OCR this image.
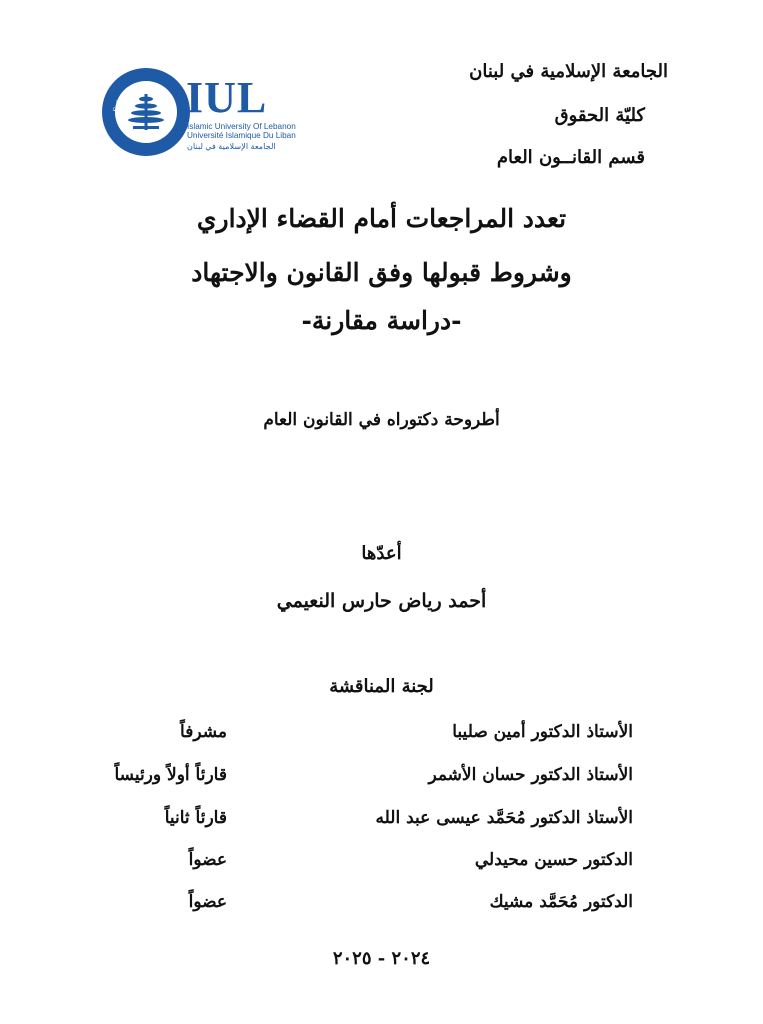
الجامعة الإسلامية في لبنان
كليّة الحقوق
قسم القانــون العام
Scientia Virtus
Patria
IUL
Islamic University Of Lebanon
Université Islamique Du Liban
الجامعة الإسلامية في لبنان
تعدد المراجعات أمام القضاء الإداري
وشروط قبولها وفق القانون والاجتهاد
-دراسة مقارنة-
أطروحة دكتوراه في القانون العام
أعدّها
أحمد رياض حارس النعيمي
لجنة المناقشة
الأستاذ الدكتور أمين صليبا
مشرفاً
الأستاذ الدكتور حسان الأشمر
قارئاً أولاً ورئيساً
الأستاذ الدكتور مُحَمَّد عيسى عبد الله
قارئاً ثانياً
الدكتور حسين محيدلي
عضواً
الدكتور مُحَمَّد مشيك
عضواً
٢٠٢٤ - ٢٠٢٥
